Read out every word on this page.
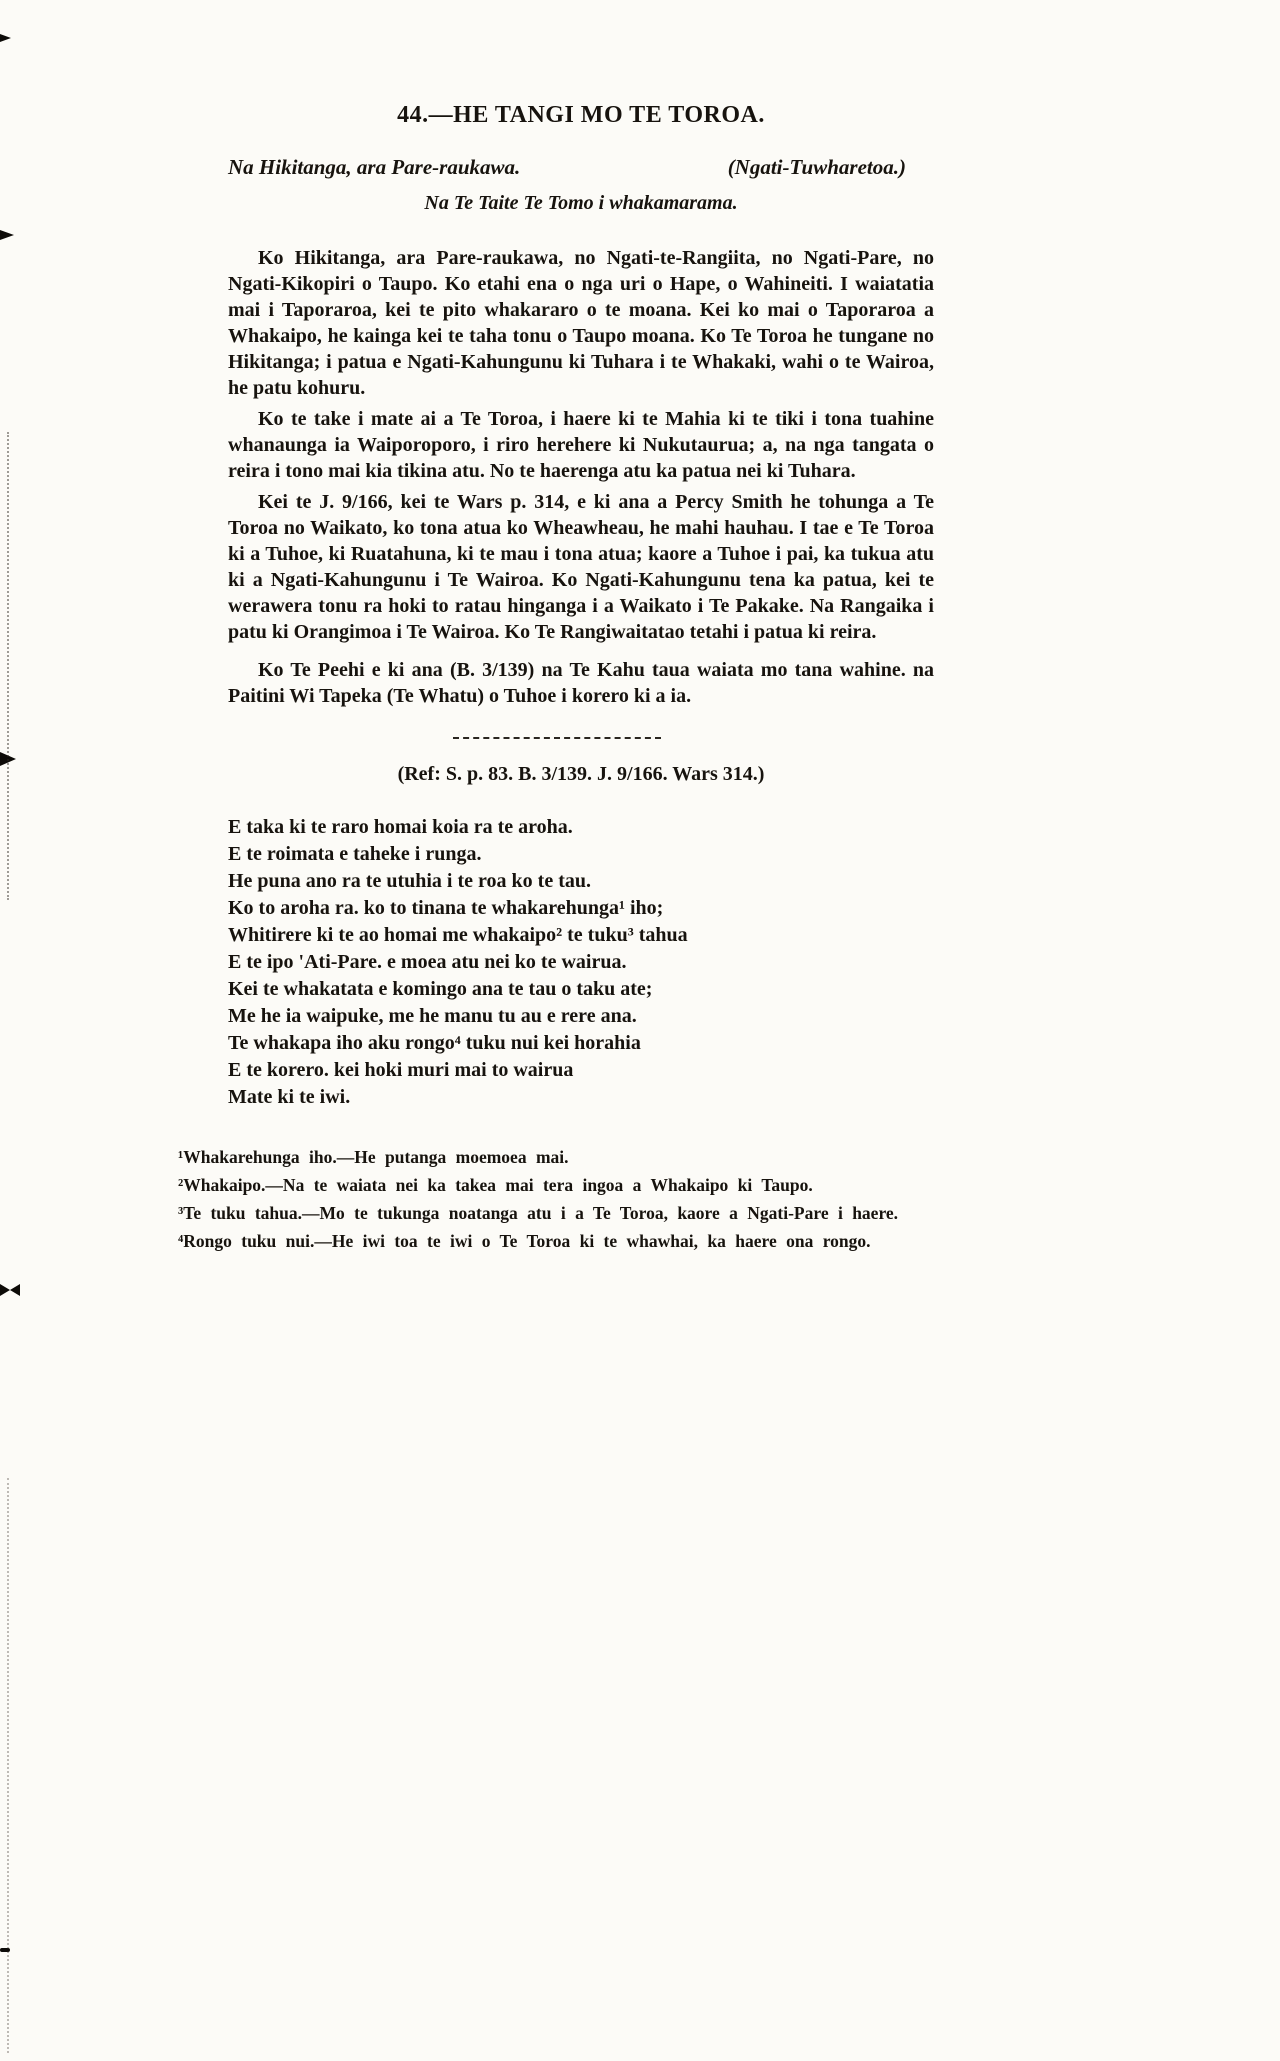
44.—HE TANGI MO TE TOROA.
Na Hikitanga, ara Pare-raukawa.	(Ngati-Tuwharetoa.)
Na Te Taite Te Tomo i whakamarama.

Ko Hikitanga, ara Pare-raukawa, no Ngati-te-Rangiita, no Ngati-Pare, no Ngati-Kikopiri o Taupo. Ko etahi ena o nga uri o Hape, o Wahineiti. I waiatatia mai i Taporaroa, kei te pito whakararo o te moana. Kei ko mai o Taporaroa a Whakaipo, he kainga kei te taha tonu o Taupo moana. Ko Te Toroa he tungane no Hikitanga; i patua e Ngati-Kahungunu ki Tuhara i te Whakaki, wahi o te Wairoa, he patu kohuru.

Ko te take i mate ai a Te Toroa, i haere ki te Mahia ki te tiki i tona tuahine whanaunga ia Waiporoporo, i riro herehere ki Nukutaurua; a, na nga tangata o reira i tono mai kia tikina atu. No te haerenga atu ka patua nei ki Tuhara.

Kei te J. 9/166, kei te Wars p. 314, e ki ana a Percy Smith he tohunga a Te Toroa no Waikato, ko tona atua ko Wheawheau, he mahi hauhau. I tae e Te Toroa ki a Tuhoe, ki Ruatahuna, ki te mau i tona atua; kaore a Tuhoe i pai, ka tukua atu ki a Ngati-Kahungunu i Te Wairoa. Ko Ngati-Kahungunu tena ka patua, kei te werawera tonu ra hoki to ratau hinganga i a Waikato i Te Pakake. Na Rangaika i patu ki Orangimoa i Te Wairoa. Ko Te Rangiwaitatao tetahi i patua ki reira.

Ko Te Peehi e ki ana (B. 3/139) na Te Kahu taua waiata mo tana wahine. na Paitini Wi Tapeka (Te Whatu) o Tuhoe i korero ki a ia.

(Ref: S. p. 83. B. 3/139. J. 9/166. Wars 314.)
E taka ki te raro homai koia ra te aroha.
E te roimata e taheke i runga.
He puna ano ra te utuhia i te roa ko te tau.
Ko to aroha ra. ko to tinana te whakarehunga¹ iho;
Whitirere ki te ao homai me whakaipo² te tuku³ tahua
E te ipo 'Ati-Pare. e moea atu nei ko te wairua.
Kei te whakatata e komingo ana te tau o taku ate;
Me he ia waipuke, me he manu tu au e rere ana.
Te whakapa iho aku rongo⁴ tuku nui kei horahia
E te korero. kei hoki muri mai to wairua
Mate ki te iwi.

¹Whakarehunga iho.—He putanga moemoea mai.

²Whakaipo.—Na te waiata nei ka takea mai tera ingoa a Whakaipo ki Taupo.

³Te tuku tahua.—Mo te tukunga noatanga atu i a Te Toroa, kaore a Ngati-Pare i haere.

⁴Rongo tuku nui.—He iwi toa te iwi o Te Toroa ki te whawhai, ka haere ona rongo.
